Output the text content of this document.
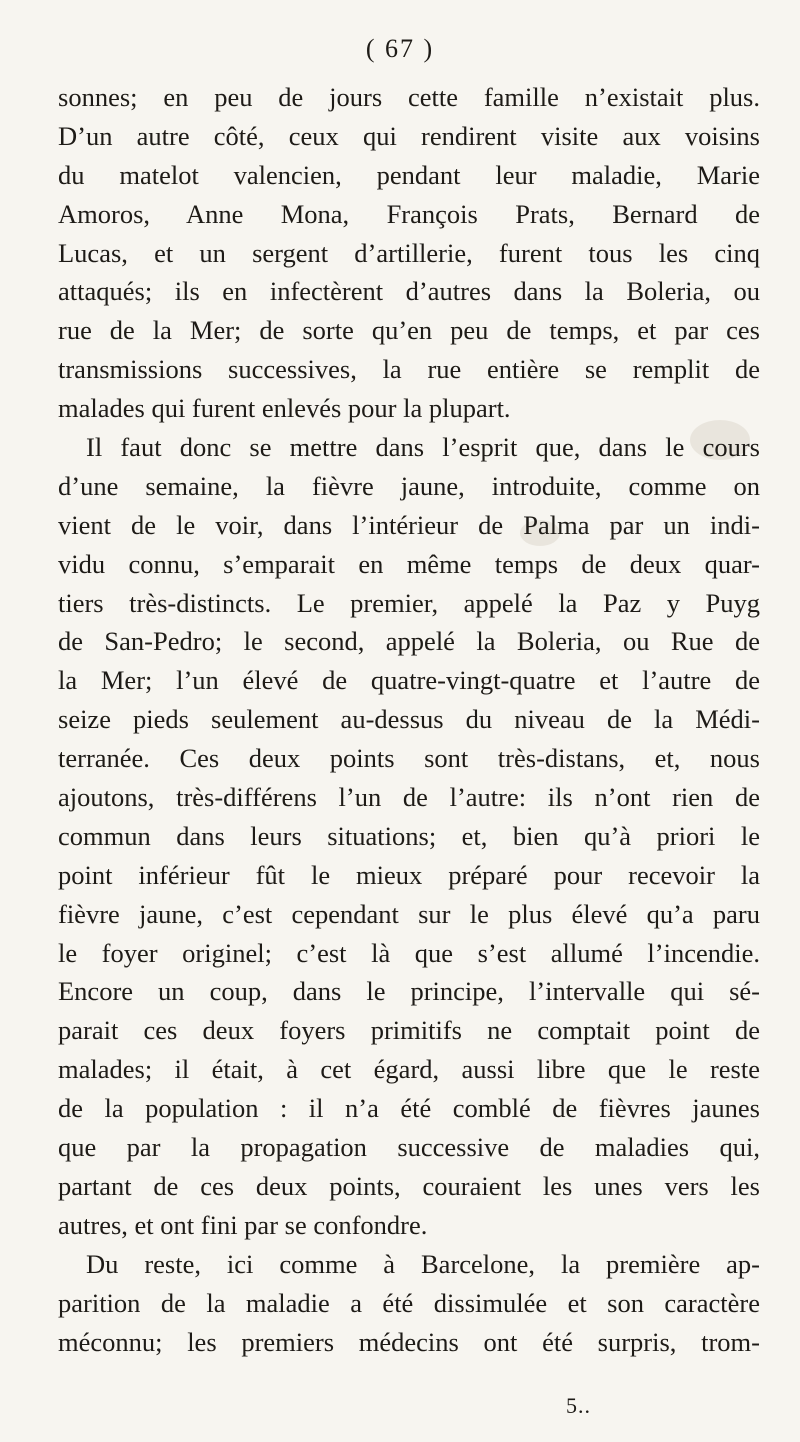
( 67 )
sonnes; en peu de jours cette famille n’existait plus.
D’un autre côté, ceux qui rendirent visite aux voisins
du matelot valencien, pendant leur maladie, Marie
Amoros, Anne Mona, François Prats, Bernard de
Lucas, et un sergent d’artillerie, furent tous les cinq
attaqués; ils en infectèrent d’autres dans la Boleria, ou
rue de la Mer; de sorte qu’en peu de temps, et par ces
transmissions successives, la rue entière se remplit de
malades qui furent enlevés pour la plupart.
Il faut donc se mettre dans l’esprit que, dans le cours
d’une semaine, la fièvre jaune, introduite, comme on
vient de le voir, dans l’intérieur de Palma par un indi-
vidu connu, s’emparait en même temps de deux quar-
tiers très-distincts. Le premier, appelé la Paz y Puyg
de San-Pedro; le second, appelé la Boleria, ou Rue de
la Mer; l’un élevé de quatre-vingt-quatre et l’autre de
seize pieds seulement au-dessus du niveau de la Médi-
terranée. Ces deux points sont très-distans, et, nous
ajoutons, très-différens l’un de l’autre: ils n’ont rien de
commun dans leurs situations; et, bien qu’à priori le
point inférieur fût le mieux préparé pour recevoir la
fièvre jaune, c’est cependant sur le plus élevé qu’a paru
le foyer originel; c’est là que s’est allumé l’incendie.
Encore un coup, dans le principe, l’intervalle qui sé-
parait ces deux foyers primitifs ne comptait point de
malades; il était, à cet égard, aussi libre que le reste
de la population : il n’a été comblé de fièvres jaunes
que par la propagation successive de maladies qui,
partant de ces deux points, couraient les unes vers les
autres, et ont fini par se confondre.
Du reste, ici comme à Barcelone, la première ap-
parition de la maladie a été dissimulée et son caractère
méconnu; les premiers médecins ont été surpris, trom-
5..
